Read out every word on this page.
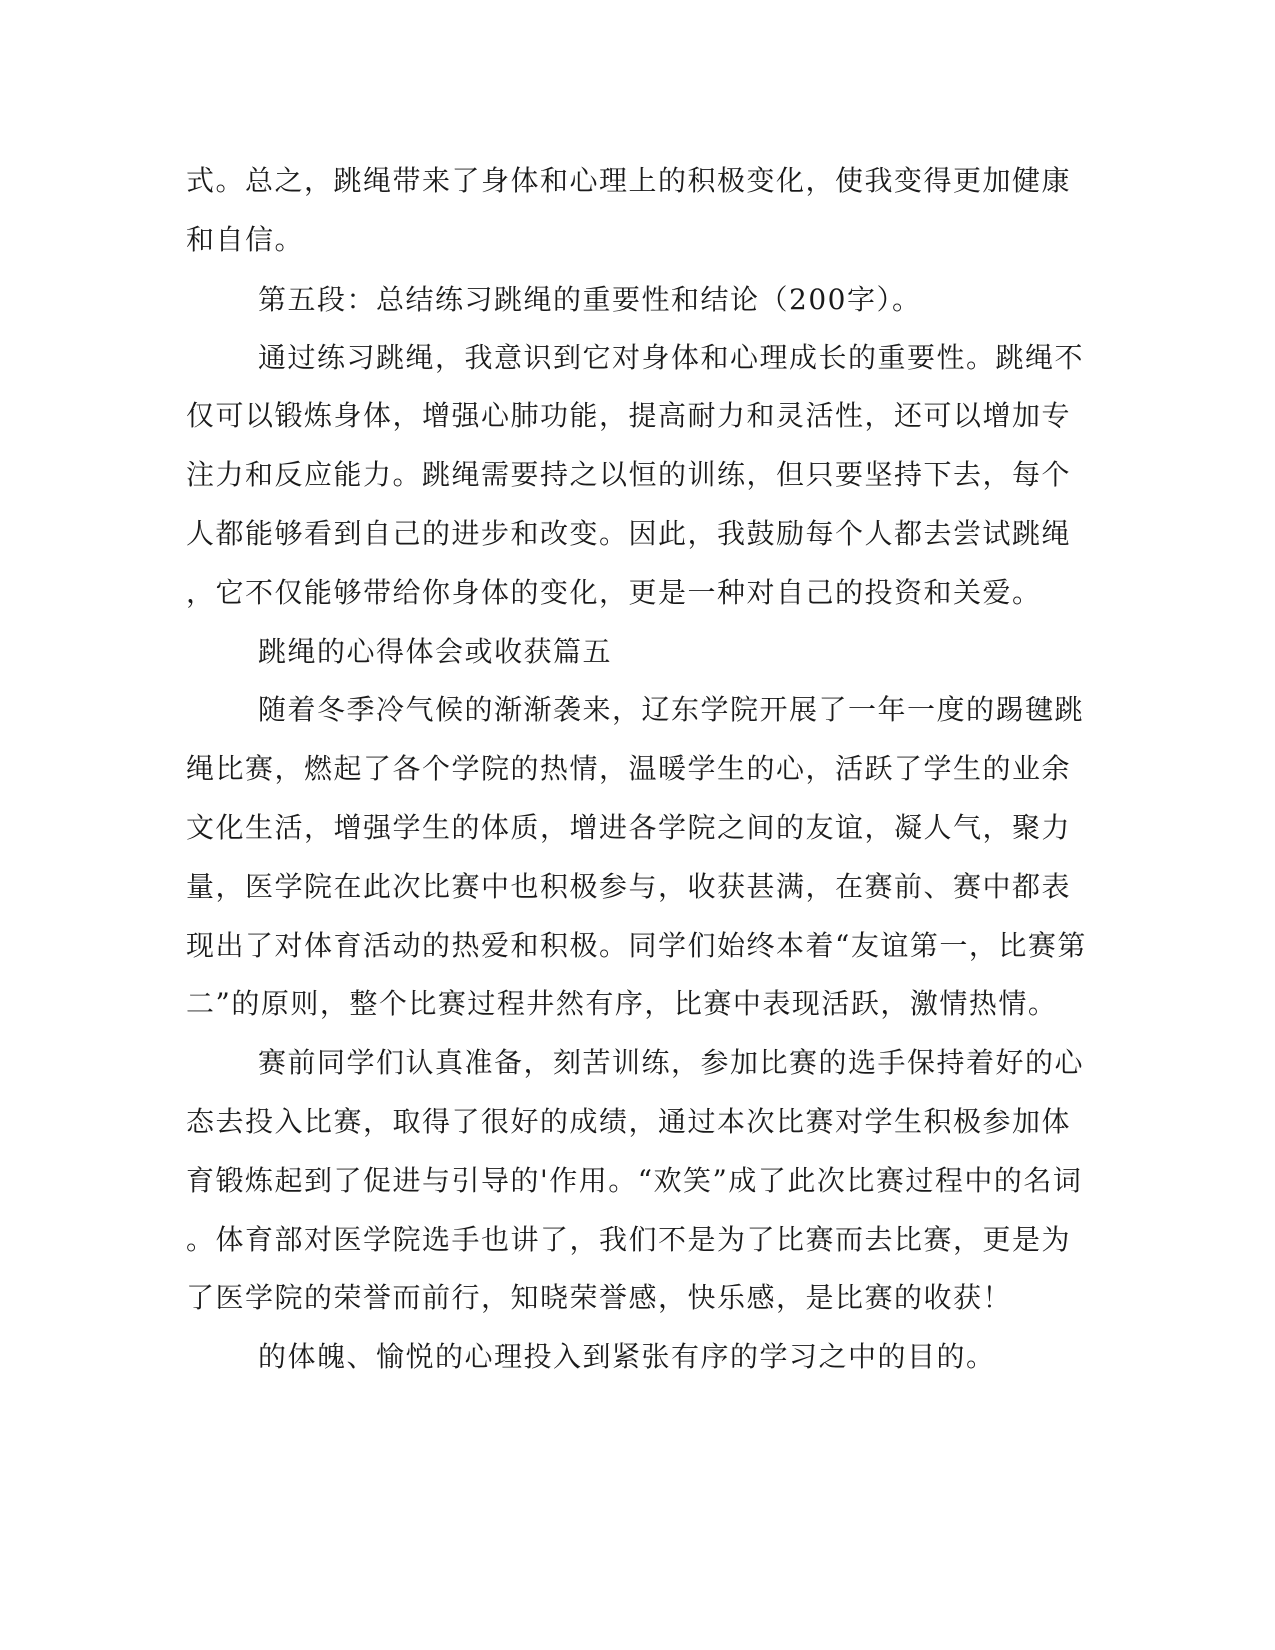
式。总之，跳绳带来了身体和心理上的积极变化，使我变得更加健康
和自信。
第五段：总结练习跳绳的重要性和结论（200字）。
通过练习跳绳，我意识到它对身体和心理成长的重要性。跳绳不
仅可以锻炼身体，增强心肺功能，提高耐力和灵活性，还可以增加专
注力和反应能力。跳绳需要持之以恒的训练，但只要坚持下去，每个
人都能够看到自己的进步和改变。因此，我鼓励每个人都去尝试跳绳
，它不仅能够带给你身体的变化，更是一种对自己的投资和关爱。
跳绳的心得体会或收获篇五
随着冬季冷气候的渐渐袭来，辽东学院开展了一年一度的踢毽跳
绳比赛，燃起了各个学院的热情，温暖学生的心，活跃了学生的业余
文化生活，增强学生的体质，增进各学院之间的友谊，凝人气，聚力
量，医学院在此次比赛中也积极参与，收获甚满，在赛前、赛中都表
现出了对体育活动的热爱和积极。同学们始终本着“友谊第一，比赛第
二”的原则，整个比赛过程井然有序，比赛中表现活跃，激情热情。
赛前同学们认真准备，刻苦训练，参加比赛的选手保持着好的心
态去投入比赛，取得了很好的成绩，通过本次比赛对学生积极参加体
育锻炼起到了促进与引导的'作用。“欢笑”成了此次比赛过程中的名词
。体育部对医学院选手也讲了，我们不是为了比赛而去比赛，更是为
了医学院的荣誉而前行，知晓荣誉感，快乐感，是比赛的收获！
的体魄、愉悦的心理投入到紧张有序的学习之中的目的。
